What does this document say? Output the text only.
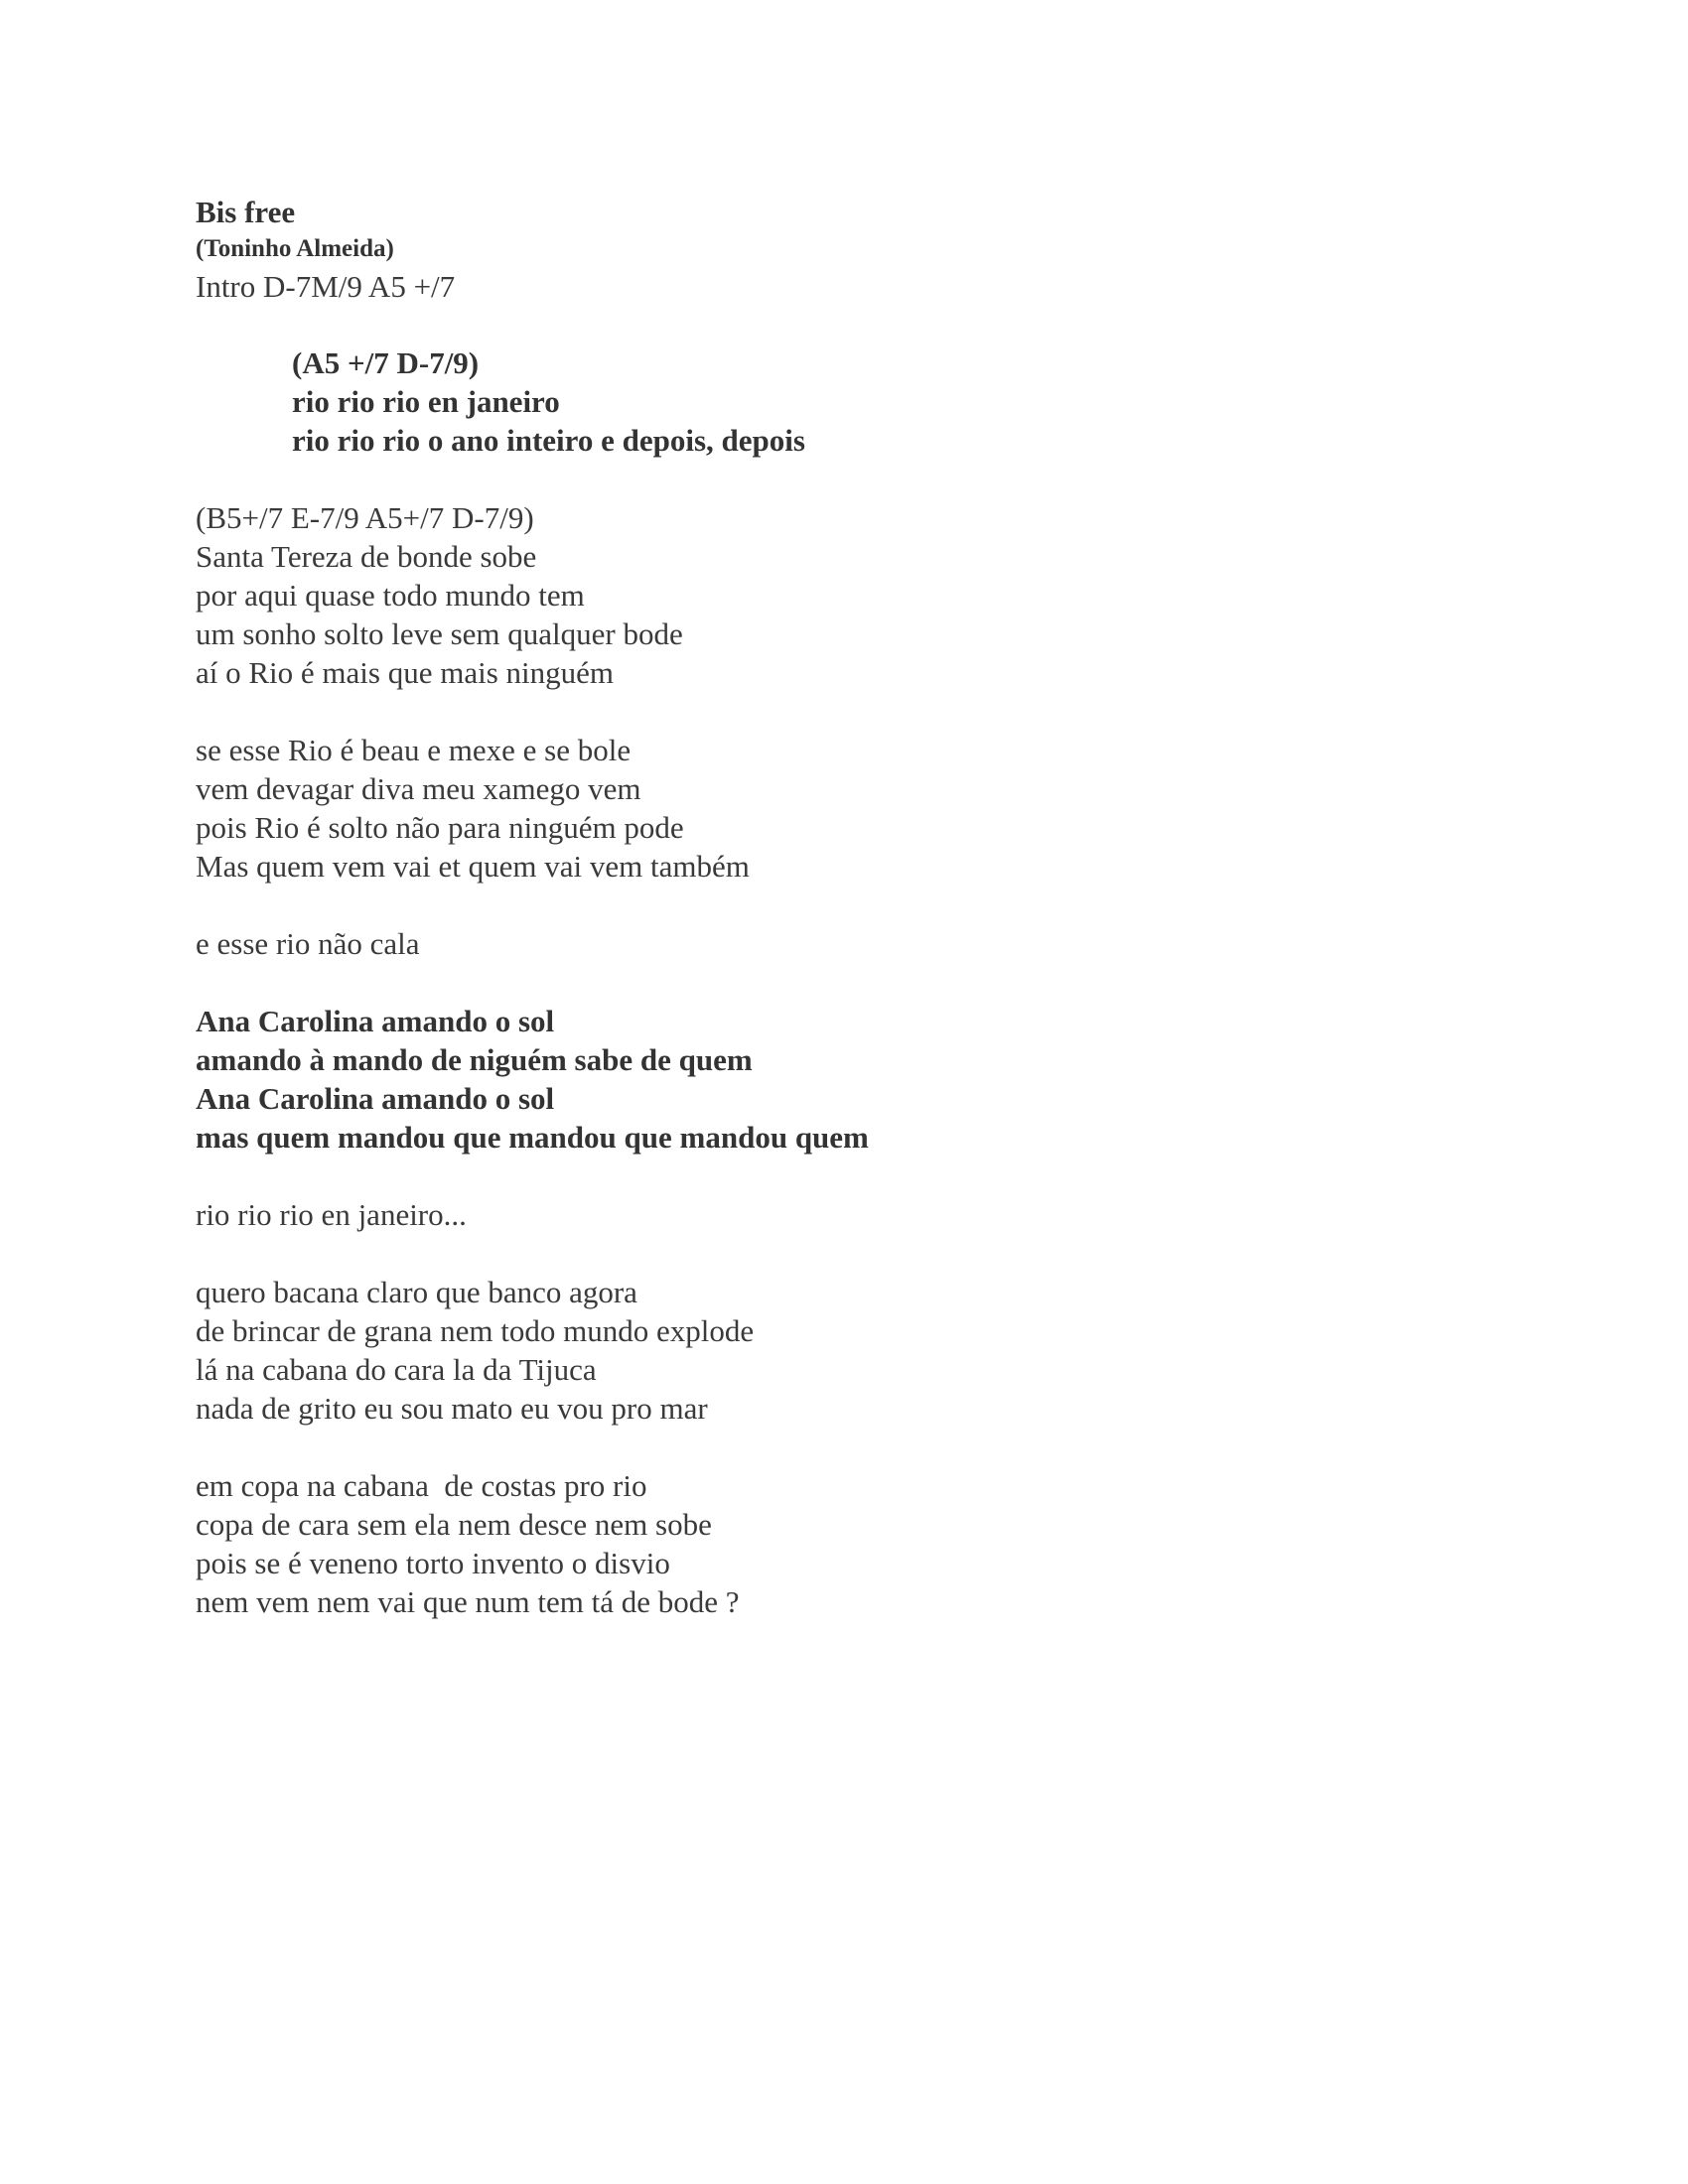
Bis free
(Toninho Almeida)
Intro D-7M/9 A5 +/7
(A5 +/7 D-7/9)
rio rio rio en janeiro
rio rio rio o ano inteiro e depois, depois
(B5+/7 E-7/9 A5+/7 D-7/9)
Santa Tereza de bonde sobe
por aqui quase todo mundo tem
um sonho solto leve sem qualquer bode
aí o Rio é mais que mais ninguém
se esse Rio é beau e mexe e se bole
vem devagar diva meu xamego vem
pois Rio é solto não para ninguém pode
Mas quem vem vai et quem vai vem também
e esse rio não cala
Ana Carolina amando o sol
amando à mando de niguém sabe de quem
Ana Carolina amando o sol
mas quem mandou que mandou que mandou quem
rio rio rio en janeiro...
quero bacana claro que banco agora
de brincar de grana nem todo mundo explode
lá na cabana do cara la da Tijuca
nada de grito eu sou mato eu vou pro mar
em copa na cabana  de costas pro rio
copa de cara sem ela nem desce nem sobe
pois se é veneno torto invento o disvio
nem vem nem vai que num tem tá de bode ?
